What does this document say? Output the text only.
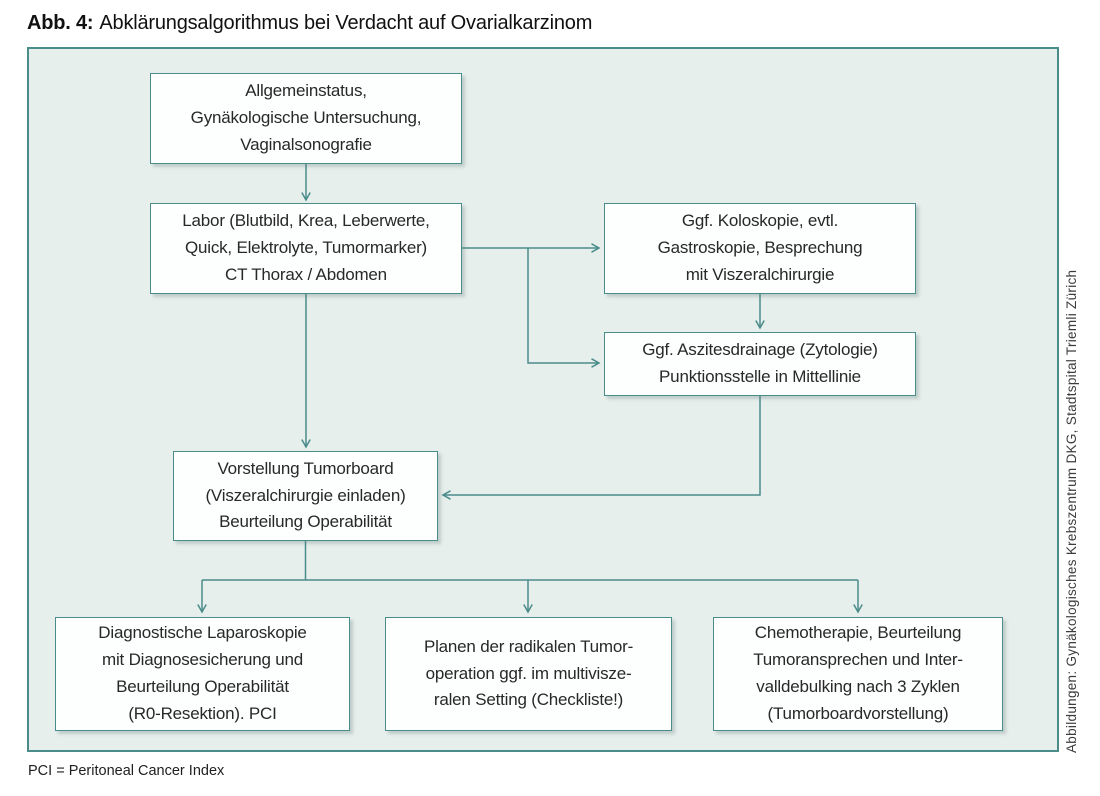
Abb. 4: Abklärungsalgorithmus bei Verdacht auf Ovarialkarzinom
Allgemeinstatus,
Gynäkologische Untersuchung,
Vaginalsonografie
Labor (Blutbild, Krea, Leberwerte,
Quick, Elektrolyte, Tumormarker)
CT Thorax / Abdomen
Ggf. Koloskopie, evtl.
Gastroskopie, Besprechung
mit Viszeralchirurgie
Ggf. Aszitesdrainage (Zytologie)
Punktionsstelle in Mittellinie
Vorstellung Tumorboard
(Viszeralchirurgie einladen)
Beurteilung Operabilität
Diagnostische Laparoskopie
mit Diagnosesicherung und
Beurteilung Operabilität
(R0-Resektion). PCI
Planen der radikalen Tumor-
operation ggf. im multivisze-
ralen Setting (Checkliste!)
Chemotherapie, Beurteilung
Tumoransprechen und Inter-
valldebulking nach 3 Zyklen
(Tumorboardvorstellung)	Abbildungen: Gynäkologisches Krebszentrum DKG, Stadtspital Triemli Zürich
PCI = Peritoneal Cancer Index
